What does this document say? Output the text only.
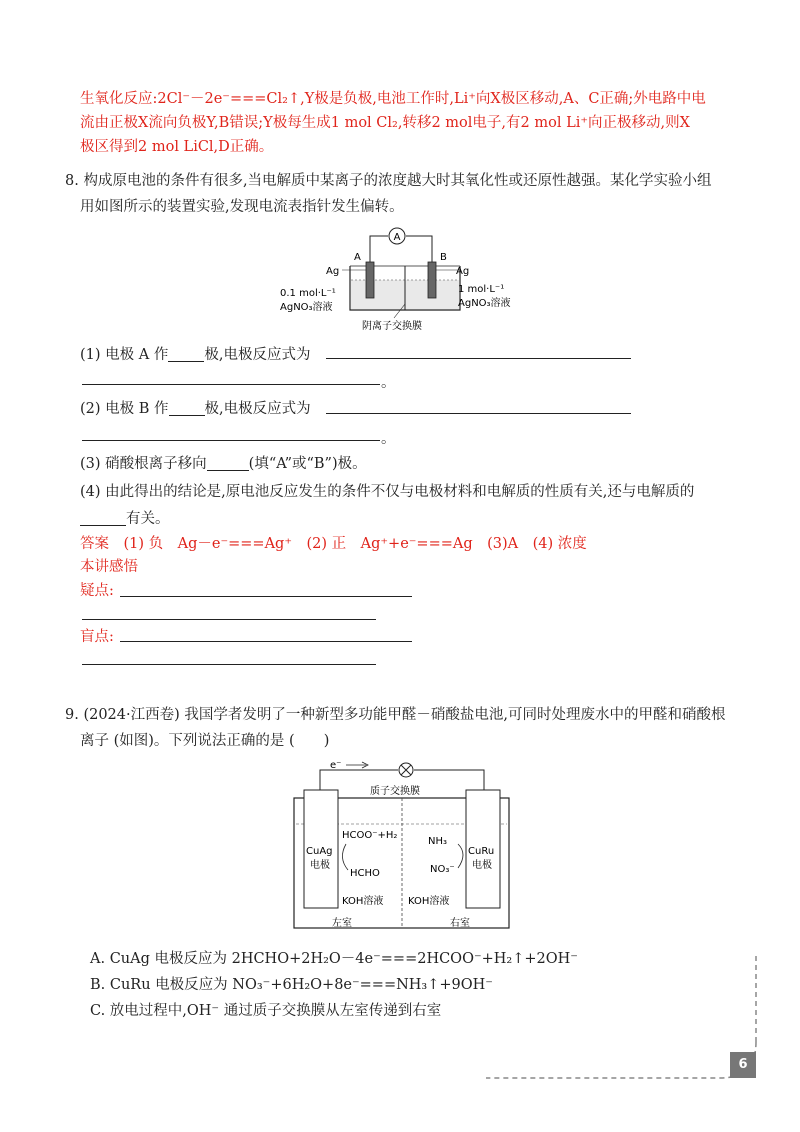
生氧化反应:2Cl⁻－2e⁻===Cl₂↑,Y极是负极,电池工作时,Li⁺向X极区移动,A、C正确;外电路中电
流由正极X流向负极Y,B错误;Y极每生成1 mol Cl₂,转移2 mol电子,有2 mol Li⁺向正极移动,则X
极区得到2 mol LiCl,D正确。
8. 构成原电池的条件有很多,当电解质中某离子的浓度越大时其氧化性或还原性越强。某化学实验小组
用如图所示的装置实验,发现电流表指针发生偏转。
A
A	B
Ag	Ag
0.1 mol·L⁻¹
AgNO₃溶液
1 mol·L⁻¹
AgNO₃溶液
阴离子交换膜
(1) 电极 A 作 极,电极反应式为
。
(2) 电极 B 作 极,电极反应式为
。
(3) 硝酸根离子移向	(填“A”或“B”)极。
(4) 由此得出的结论是,原电池反应发生的条件不仅与电极材料和电解质的性质有关,还与电解质的
有关。
答案　(1) 负　Ag－e⁻===Ag⁺　(2) 正　Ag⁺+e⁻===Ag　(3)A　(4) 浓度
本讲感悟
疑点:
盲点:
9. (2024·江西卷) 我国学者发明了一种新型多功能甲醛－硝酸盐电池,可同时处理废水中的甲醛和硝酸根
离子 (如图)。下列说法正确的是 (　　)
e⁻
质子交换膜
CuAg
电极
CuRu
电极
HCOO⁻+H₂
HCHO
NH₃
NO₃⁻
KOH溶液 KOH溶液
左室	右室
A. CuAg 电极反应为 2HCHO+2H₂O－4e⁻===2HCOO⁻+H₂↑+2OH⁻
B. CuRu 电极反应为 NO₃⁻+6H₂O+8e⁻===NH₃↑+9OH⁻
C. 放电过程中,OH⁻ 通过质子交换膜从左室传递到右室
6
